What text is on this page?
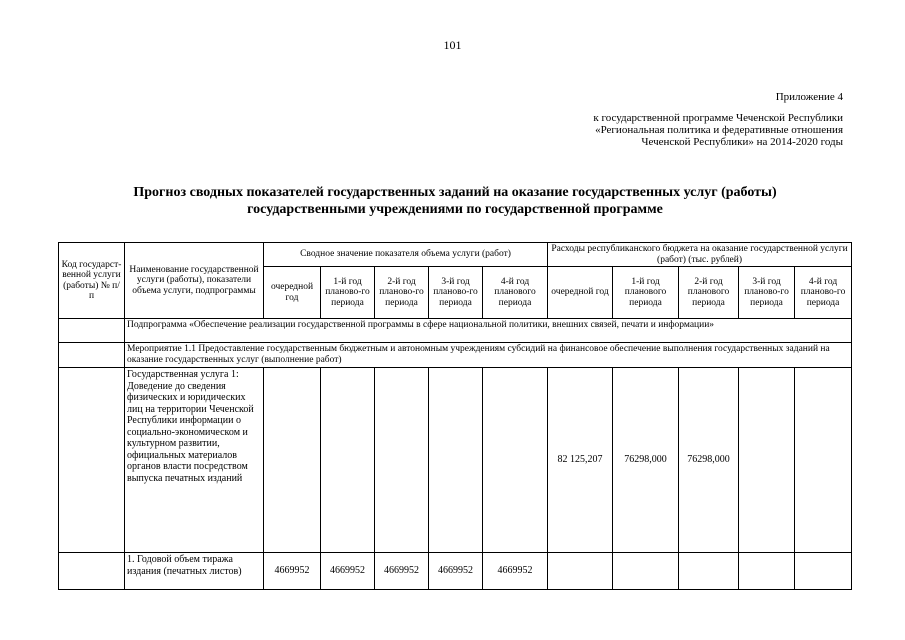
101
Приложение 4
к государственной программе Чеченской Республики
«Региональная политика и федеративные отношения
Чеченской Республики» на 2014-2020 годы
Прогноз сводных показателей государственных заданий на оказание государственных услуг (работы)
государственными учреждениями по государственной программе
Код государст-венной услуги (работы) № п/п	Наименование государственной услуги (работы), показатели объема услуги, подпрограммы	Сводное значение показателя объема услуги (работ)					Расходы республиканского бюджета на оказание государственной услуги (работ) (тыс. рублей)				
		очередной год	1-й год планово-го периода	2-й год планово-го периода	3-й год планово-го периода	4-й год планового периода	очередной год	1-й год планового периода	2-й год планового периода	3-й год планово-го периода	4-й год планово-го периода
	Подпрограмма «Обеспечение реализации государственной программы в сфере национальной политики, внешних связей, печати и информации»										
	Мероприятие 1.1 Предоставление государственным бюджетным и автономным учреждениям субсидий на финансовое обеспечение выполнения государственных заданий на оказание государственных услуг (выполнение работ)										
	Государственная услуга 1: Доведение до сведения физических и юридических лиц на территории Чеченской Республики информации о социально-экономическом и культурном развитии, официальных материалов органов власти посредством выпуска печатных изданий						82 125,207	76298,000	76298,000		
	1. Годовой объем тиража издания (печатных листов)	4669952	4669952	4669952	4669952	4669952					
